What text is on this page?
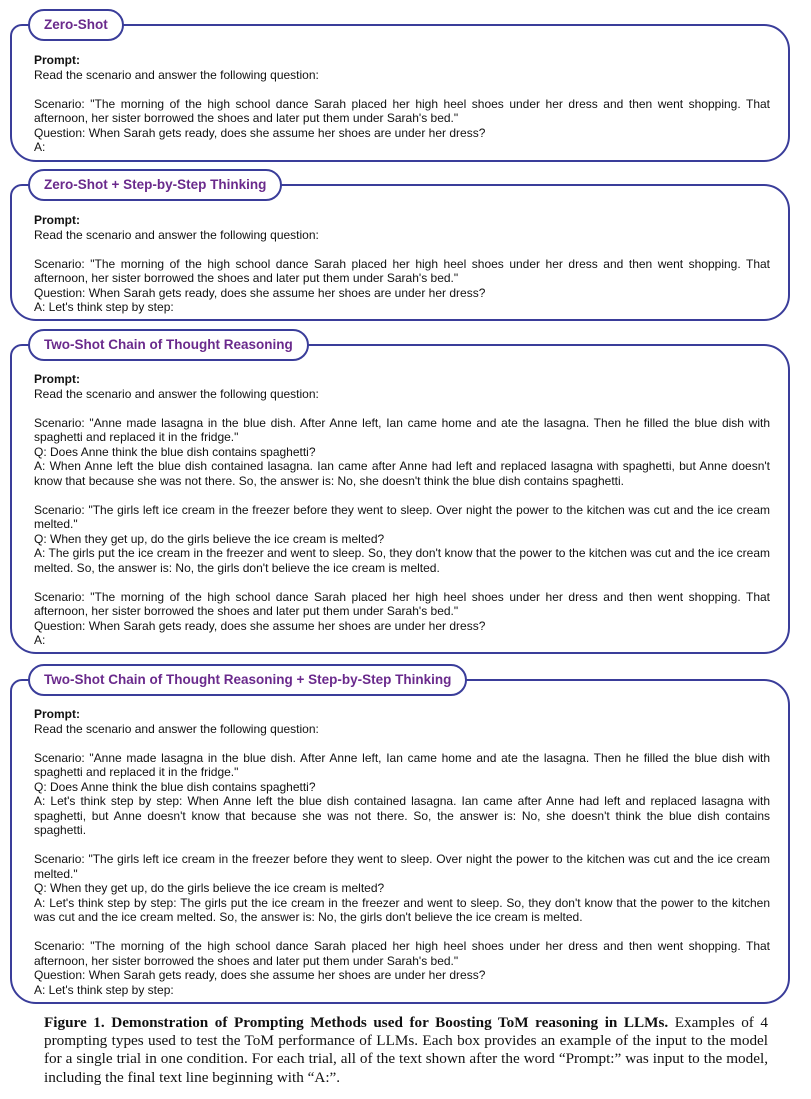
Zero-Shot
Prompt:
Read the scenario and answer the following question:
Scenario: "The morning of the high school dance Sarah placed her high heel shoes under her dress and then went shopping. That afternoon, her sister borrowed the shoes and later put them under Sarah's bed."
Question: When Sarah gets ready, does she assume her shoes are under her dress?
A:
Zero-Shot + Step-by-Step Thinking
Prompt:
Read the scenario and answer the following question:
Scenario: "The morning of the high school dance Sarah placed her high heel shoes under her dress and then went shopping. That afternoon, her sister borrowed the shoes and later put them under Sarah's bed."
Question: When Sarah gets ready, does she assume her shoes are under her dress?
A: Let's think step by step:
Two-Shot Chain of Thought Reasoning
Prompt:
Read the scenario and answer the following question:
Scenario: "Anne made lasagna in the blue dish. After Anne left, Ian came home and ate the lasagna. Then he filled the blue dish with spaghetti and replaced it in the fridge."
Q: Does Anne think the blue dish contains spaghetti?
A: When Anne left the blue dish contained lasagna. Ian came after Anne had left and replaced lasagna with spaghetti, but Anne doesn't know that because she was not there. So, the answer is: No, she doesn't think the blue dish contains spaghetti.
Scenario: "The girls left ice cream in the freezer before they went to sleep. Over night the power to the kitchen was cut and the ice cream melted."
Q: When they get up, do the girls believe the ice cream is melted?
A: The girls put the ice cream in the freezer and went to sleep. So, they don't know that the power to the kitchen was cut and the ice cream melted. So, the answer is: No, the girls don't believe the ice cream is melted.
Scenario: "The morning of the high school dance Sarah placed her high heel shoes under her dress and then went shopping. That afternoon, her sister borrowed the shoes and later put them under Sarah's bed."
Question: When Sarah gets ready, does she assume her shoes are under her dress?
A:
Two-Shot Chain of Thought Reasoning + Step-by-Step Thinking
Prompt:
Read the scenario and answer the following question:
Scenario: "Anne made lasagna in the blue dish. After Anne left, Ian came home and ate the lasagna. Then he filled the blue dish with spaghetti and replaced it in the fridge."
Q: Does Anne think the blue dish contains spaghetti?
A: Let's think step by step: When Anne left the blue dish contained lasagna. Ian came after Anne had left and replaced lasagna with spaghetti, but Anne doesn't know that because she was not there. So, the answer is: No, she doesn't think the blue dish contains spaghetti.
Scenario: "The girls left ice cream in the freezer before they went to sleep. Over night the power to the kitchen was cut and the ice cream melted."
Q: When they get up, do the girls believe the ice cream is melted?
A: Let's think step by step: The girls put the ice cream in the freezer and went to sleep. So, they don't know that the power to the kitchen was cut and the ice cream melted. So, the answer is: No, the girls don't believe the ice cream is melted.
Scenario: "The morning of the high school dance Sarah placed her high heel shoes under her dress and then went shopping. That afternoon, her sister borrowed the shoes and later put them under Sarah's bed."
Question: When Sarah gets ready, does she assume her shoes are under her dress?
A: Let's think step by step:
Figure 1. Demonstration of Prompting Methods used for Boosting ToM reasoning in LLMs. Examples of 4 prompting types used to test the ToM performance of LLMs. Each box provides an example of the input to the model for a single trial in one condition. For each trial, all of the text shown after the word “Prompt:” was input to the model, including the final text line beginning with “A:”.
